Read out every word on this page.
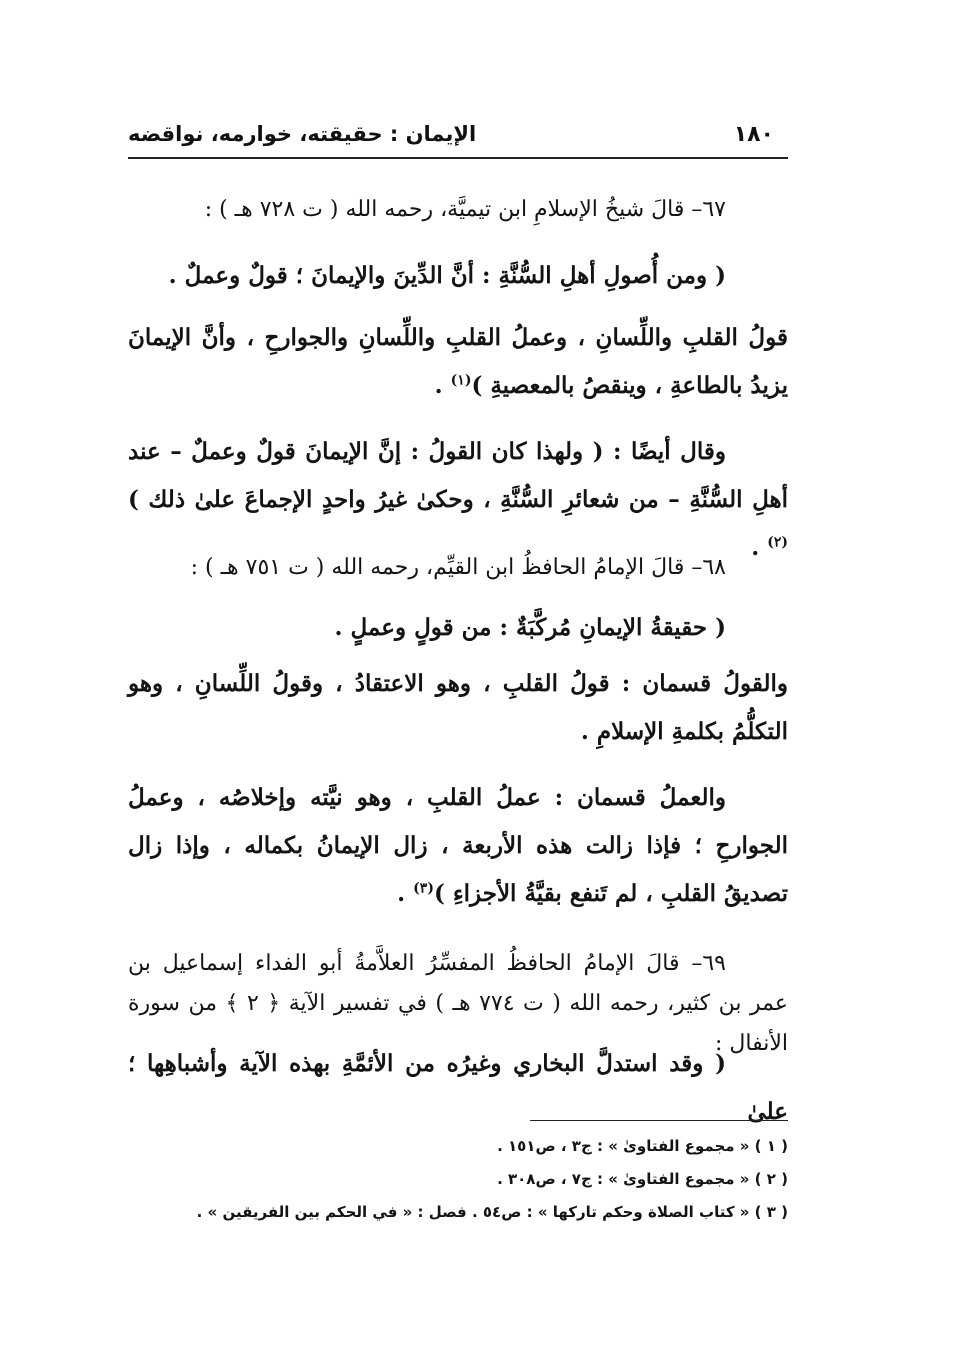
١٨٠
الإيمان : حقيقته، خوارمه، نواقضه

٦٧– قالَ شيخُ الإسلامِ ابن تيميَّة، رحمه الله ( ت ٧٢٨ هـ ) :

( ومن أُصولِ أهلِ السُّنَّةِ : أنَّ الدِّينَ والإيمانَ ؛ قولٌ وعملٌ .

قولُ القلبِ واللِّسانِ ، وعملُ القلبِ واللِّسانِ والجوارحِ ، وأنَّ الإيمانَ يزيدُ بالطاعةِ ، وينقصُ بالمعصيةِ )$^{(١)}$ .

وقال أيضًا : ( ولهذا كان القولُ : إنَّ الإيمانَ قولٌ وعملٌ – عند أهلِ السُّنَّةِ – من شعائرِ السُّنَّةِ ، وحكىٰ غيرُ واحدٍ الإجماعَ علىٰ ذلك )$^{(٢)}$ .

٦٨– قالَ الإمامُ الحافظُ ابن القيِّم، رحمه الله ( ت ٧٥١ هـ ) :

( حقيقةُ الإيمانِ مُركَّبَةٌ : من قولٍ وعملٍ .

والقولُ قسمان : قولُ القلبِ ، وهو الاعتقادُ ، وقولُ اللِّسانِ ، وهو التكلُّمُ بكلمةِ الإسلامِ .

والعملُ قسمان : عملُ القلبِ ، وهو نيَّته وإخلاصُه ، وعملُ الجوارحِ ؛ فإذا زالت هذه الأربعة ، زال الإيمانُ بكماله ، وإذا زال تصديقُ القلبِ ، لم تَنفع بقيَّةُ الأجزاءِ )$^{(٣)}$ .

٦٩– قالَ الإمامُ الحافظُ المفسِّرُ العلاَّمةُ أبو الفداء إسماعيل بن عمر بن كثير، رحمه الله ( ت ٧٧٤ هـ ) في تفسير الآية ﴿ ٢ ﴾ من سورة الأنفال :

( وقد استدلَّ البخاري وغيرُه من الأئمَّةِ بهذه الآية وأشباهِها ؛ علىٰ

( ١ ) « مجموع الفتاوىٰ » : ج٣ ، ص١٥١ .
( ٢ ) « مجموع الفتاوىٰ » : ج٧ ، ص٣٠٨ .
( ٣ ) « كتاب الصلاة وحكم تاركها » : ص٥٤ . فصل : « في الحكم بين الفريقين » .
